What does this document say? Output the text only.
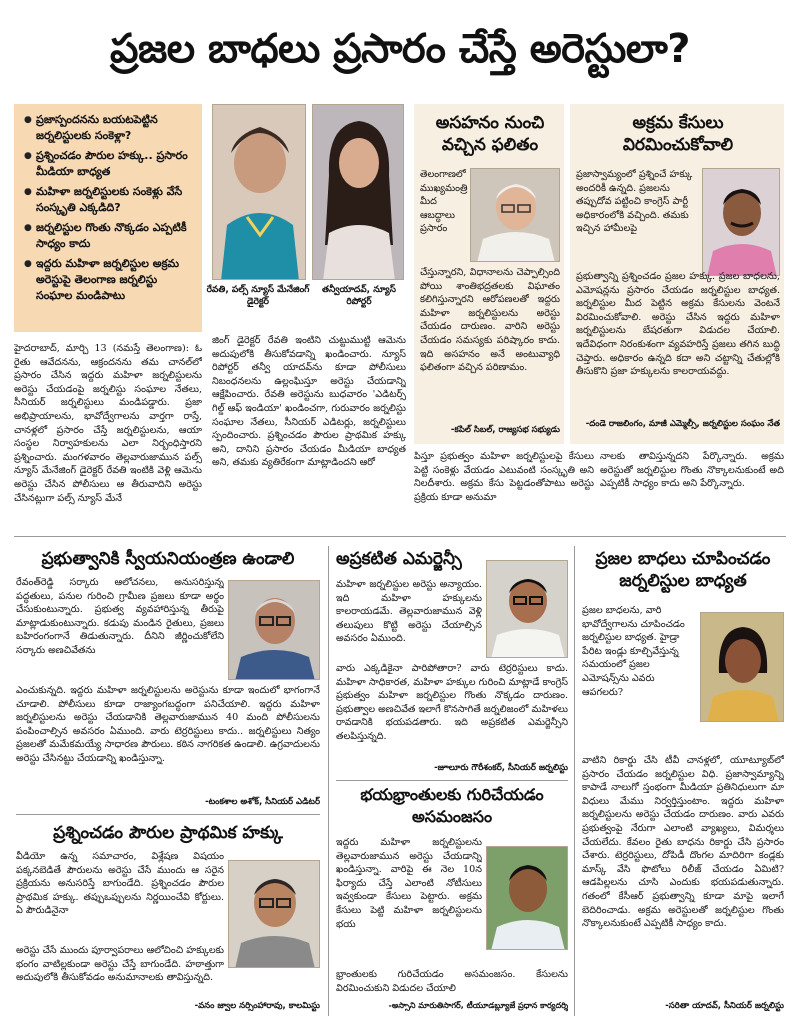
ప్రజల బాధలు ప్రసారం చేస్తే అరెస్టులా?
● ప్రజాస్పందనను బయటపెట్టిన జర్నలిస్టులకు సంకెళ్లా?
● ప్రశ్నించడం పౌరుల హక్కు.. ప్రసారం మీడియా బాధ్యత
● మహిళా జర్నలిస్టులకు సంకెళ్లు వేసే సంస్కృతి ఎక్కడిది?
● జర్నలిస్టుల గొంతు నొక్కడం ఎప్పటికీ సాధ్యం కాదు
● ఇద్దరు మహిళా జర్నలిస్టుల అక్రమ అరెస్టుపై తెలంగాణ జర్నలిస్టు సంఘాల మండిపాటు	రేవతి, పల్స్ న్యూస్ మేనేజింగ్ డైరెక్టర్
తన్వీయాదవ్, న్యూస్ రిపోర్టర్
హైదరాబాద్, మార్చి 13 (నమస్తే తెలంగాణ): ఓ రైతు ఆవేదనను, ఆక్రందనను తమ చానల్‌లో ప్రసారం చేసిన ఇద్దరు మహిళా జర్నలిస్టులను అరెస్టు చేయడంపై జర్నలిస్టు సంఘాల నేతలు, సీనియర్ జర్నలిస్టులు మండిపడ్డారు. ప్రజా అభిప్రాయాలను, భావోద్వేగాలను వార్తగా రాస్తే, చానళ్లలో ప్రసారం చేస్తే జర్నలిస్టులను, ఆయా సంస్థల నిర్వాహకులను ఎలా నిర్బంధిస్తారని ప్రశ్నించారు. మంగళవారం తెల్లవారుజామున పల్స్ న్యూస్ మేనేజింగ్ డైరెక్టర్ రేవతి ఇంటికి వెళ్లి ఆమెను అరెస్టు చేసిన పోలీసులు ఆ తీరువాదిని అరెస్టు చేసినట్లుగా పల్స్ న్యూస్ మేనే
జింగ్ డైరెక్టర్ రేవతి ఇంటిని చుట్టుముట్టి ఆమెను అదుపులోకి తీసుకోవడాన్ని ఖండించారు. న్యూస్ రిపోర్టర్ తన్వీ యాదవ్‌ను కూడా పోలీసులు నిబంధనలను ఉల్లంఘిస్తూ అరెస్టు చేయడాన్ని ఆక్షేపించారు. రేవతి అరెస్టును బుధవారం 'ఎడిటర్స్ గిల్డ్ ఆఫ్ ఇండియా' ఖండించగా, గురువారం జర్నలిస్టు సంఘాల నేతలు, సీనియర్ ఎడిటర్లు, జర్నలిస్టులు స్పందించారు. ప్రశ్నించడం పౌరుల ప్రాథమిక హక్కు అని, దానిని ప్రసారం చేయడం మీడియా బాధ్యత అని, తమకు వ్యతిరేకంగా మాట్లాడిందని ఆరో
అసహనం నుంచి వచ్చిన ఫలితం
తెలంగాణలో ముఖ్యమంత్రి మీద ఆబద్ధాలు ప్రసారం
చేస్తున్నారని, విధానాలను చెప్పాల్సింది పోయి శాంతిభద్రతలకు విఘాతం కలిగిస్తున్నారని ఆరోపణలతో ఇద్దరు మహిళా జర్నలిస్టులను అరెస్టు చేయడం దారుణం. వారిని అరెస్టు చేయడం సమస్యకు పరిష్కారం కాదు. ఇది అసహనం అనే అంటువ్యాధి ఫలితంగా వచ్చిన పరిణామం.
-కపిల్ సిబల్, రాజ్యసభ సభ్యుడు
అక్రమ కేసులు విరమించుకోవాలి
ప్రజాస్వామ్యంలో ప్రశ్నించే హక్కు అందరికీ ఉన్నది. ప్రజలను తప్పుదోవ పట్టించి కాంగ్రెస్ పార్టీ అధికారంలోకి వచ్చింది. తమకు ఇచ్చిన హామీలపై
ప్రభుత్వాన్ని ప్రశ్నించడం ప్రజల హక్కు. ప్రజల బాధలను, ఎమోషన్లను ప్రసారం చేయడం జర్నలిస్టుల బాధ్యత. జర్నలిస్టుల మీద పెట్టిన అక్రమ కేసులను వెంటనే విరమించుకోవాలి. అరెస్టు చేసిన ఇద్దరు మహిళా జర్నలిస్టులను బేషరతుగా విడుదల చేయాలి. ఇదేవిధంగా నిరంకుశంగా వ్యవహరిస్తే ప్రజలు తగిన బుద్ధి చెప్తారు. అధికారం ఉన్నది కదా అని చట్టాన్ని చేతుల్లోకి తీసుకొని ప్రజా హక్కులను కాలరాయవద్దు.
-దండె రాజలింగం, మాజీ ఎమ్మెల్సీ, జర్నలిస్టుల సంఘం నేత
పిస్తూ ప్రభుత్వం మహిళా జర్నలిస్టులపై కేసులు పెట్టి సంకెళ్లు వేయడం ఎటువంటి సంస్కృతి అని నిలదీశారు. అక్రమ కేసు పెట్టడంతోపాటు అరెస్టు ప్రక్రియ కూడా అనుమా
నాలకు తావిస్తున్నదని పేర్కొన్నారు. అక్రమ అరెస్టుతో జర్నలిస్టుల గొంతు నొక్కాలనుకుంటే అది ఎప్పటికీ సాధ్యం కాదు అని పేర్కొన్నారు.
ప్రభుత్వానికి స్వీయనియంత్రణ ఉండాలి
రేవంత్‌రెడ్డి సర్కారు ఆలోచనలు, అనుసరిస్తున్న పద్ధతులు, పనుల గురించి గ్రామీణ ప్రజలు కూడా అర్థం చేసుకుంటున్నారు. ప్రభుత్వ వ్యవహారిస్తున్న తీరుపై మాట్లాడుకుంటున్నారు. కడుపు మండిన రైతులు, ప్రజలు బహిరంగంగానే తిడుతున్నారు. దీనిని జీర్ణించుకోలేని సర్కారు అణచివేతను
ఎంచుకున్నది. ఇద్దరు మహిళా జర్నలిస్టులను అరెస్టును కూడా ఇందులో భాగంగానే చూడాలి. పోలీసులు కూడా రాజ్యాంగబద్ధంగా పనిచేయాలి. ఇద్దరు మహిళా జర్నలిస్టులను అరెస్టు చేయడానికి తెల్లవారుజామున 40 మంది పోలీసులను పంపించాల్సిన అవసరం ఏముంది. వారు టెర్రరిస్టులు కాదు.. జర్నలిస్టులు నిత్యం ప్రజలతో మమేకమయ్యే సాధారణ పౌరులు. కఠిన నాగరికత ఉండాలి. ఉగ్రవాదులను అరెస్టు చేసినట్టు చేయడాన్ని ఖండిస్తున్నా.
-టంకశాల అశోక్, సీనియర్ ఎడిటర్
ప్రశ్నించడం పౌరుల ప్రాథమిక హక్కు
వీడియో ఉన్న సమాచారం, విశ్లేషణ విషయం పక్కనబెడితే పౌరులను అరెస్టు చేసే ముందు ఆ సరైన ప్రక్రియను అనుసరిస్తే బాగుండేది. ప్రశ్నించడం పౌరుల ప్రాథమిక హక్కు. తప్పుఒప్పులను నిర్ణయించేవి కోర్టులు. ఏ పౌరుడినైనా
అరెస్టు చేసే ముందు పూర్వాపరాలు ఆలోచించి హక్కులకు భంగం వాటిల్లకుండా అరెస్టు చేస్తే బాగుండేది. హఠాత్తుగా అదుపులోకి తీసుకోవడం అనుమానాలకు తావిస్తున్నది.
-వనం జ్వాల నర్సింహారావు, కాలమిస్టు
అప్రకటిత ఎమర్జెన్సీ
మహిళా జర్నలిస్టుల అరెస్టు అన్యాయం. ఇది మహిళా హక్కులను కాలరాయడమే. తెల్లవారుజామున వెళ్లి తలుపులు కొట్టి అరెస్టు చేయాల్సిన అవసరం ఏముంది.
వారు ఎక్కడికైనా పారిపోతారా? వారు టెర్రరిస్టులు కాదు. మహిళా సాధికారత, మహిళా హక్కుల గురించి మాట్లాడే కాంగ్రెస్ ప్రభుత్వం మహిళా జర్నలిస్టుల గొంతు నొక్కడం దారుణం. ప్రభుత్వాల అణచివేత ఇలాగే కొనసాగితే జర్నలిజంలో మహిళలు రావడానికి భయపడతారు. ఇది అప్రకటిత ఎమర్జెన్సీని తలపిస్తున్నది.
-జూలూరు గౌరీశంకర్, సీనియర్ జర్నలిస్టు
భయభ్రాంతులకు గురిచేయడం అసమంజసం
ఇద్దరు మహిళా జర్నలిస్టులను తెల్లవారుజామున అరెస్టు చేయడాన్ని ఖండిస్తున్నా. వారిపై ఈ నెల 10న ఫిర్యాదు చేస్తే ఎలాంటి నోటీసులు ఇవ్వకుండా కేసులు పెట్టారు. అక్రమ కేసులు పెట్టి మహిళా జర్నలిస్టులను భయ
భ్రాంతులకు గురిచేయడం అసమంజసం. కేసులను విరమించుకుని విడుదల చేయాలి
-అస్సాని మారుతిసాగర్, టీయూడబ్ల్యూజే ప్రధాన కార్యదర్శి
ప్రజల బాధలు చూపించడం జర్నలిస్టుల బాధ్యత
ప్రజల బాధలను, వారి భావోద్వేగాలను చూపించడం జర్నలిస్టుల బాధ్యత. హైడ్రా పేరిట ఇండ్లు కూల్చివేస్తున్న సమయంలో ప్రజల ఎమోషన్స్‌ను ఎవరు ఆపగలరు?
వాటిని రికార్డు చేసి టీవీ చానళ్లలో, యూట్యూబ్‌లో ప్రసారం చేయడం జర్నలిస్టుల విధి. ప్రజాస్వామ్యాన్ని కాపాడే నాలుగో స్తంభంగా మీడియా ప్రతినిధులుగా మా విధులు మేము నిర్వర్తిస్తుంటాం. ఇద్దరు మహిళా జర్నలిస్టులను అరెస్టు చేయడం దారుణం. వారు ఎవరు ప్రభుత్వంపై నేరుగా ఎలాంటి వ్యాఖ్యలు, విమర్శలు చేయలేదు. కేవలం రైతు బాధను రికార్డు చేసి ప్రసారం చేశారు. టెర్రరిస్టులు, దోపిడీ దొంగల మాదిరిగా కండ్లకు మాస్క్ వేసి ఫొటోలు రిలీజ్ చేయడం ఏమిటి? ఆడపిల్లలను చూసి ఎందుకు భయపడుతున్నారు. గతంలో కేసీఆర్ ప్రభుత్వాన్ని కూడా మాపై ఇలాగే బెదిరించాడు. అక్రమ అరెస్టులతో జర్నలిస్టుల గొంతు నొక్కాలనుకుంటే ఎప్పటికీ సాధ్యం కాదు.
-సరితా యాదవ్, సీనియర్ జర్నలిస్టు
